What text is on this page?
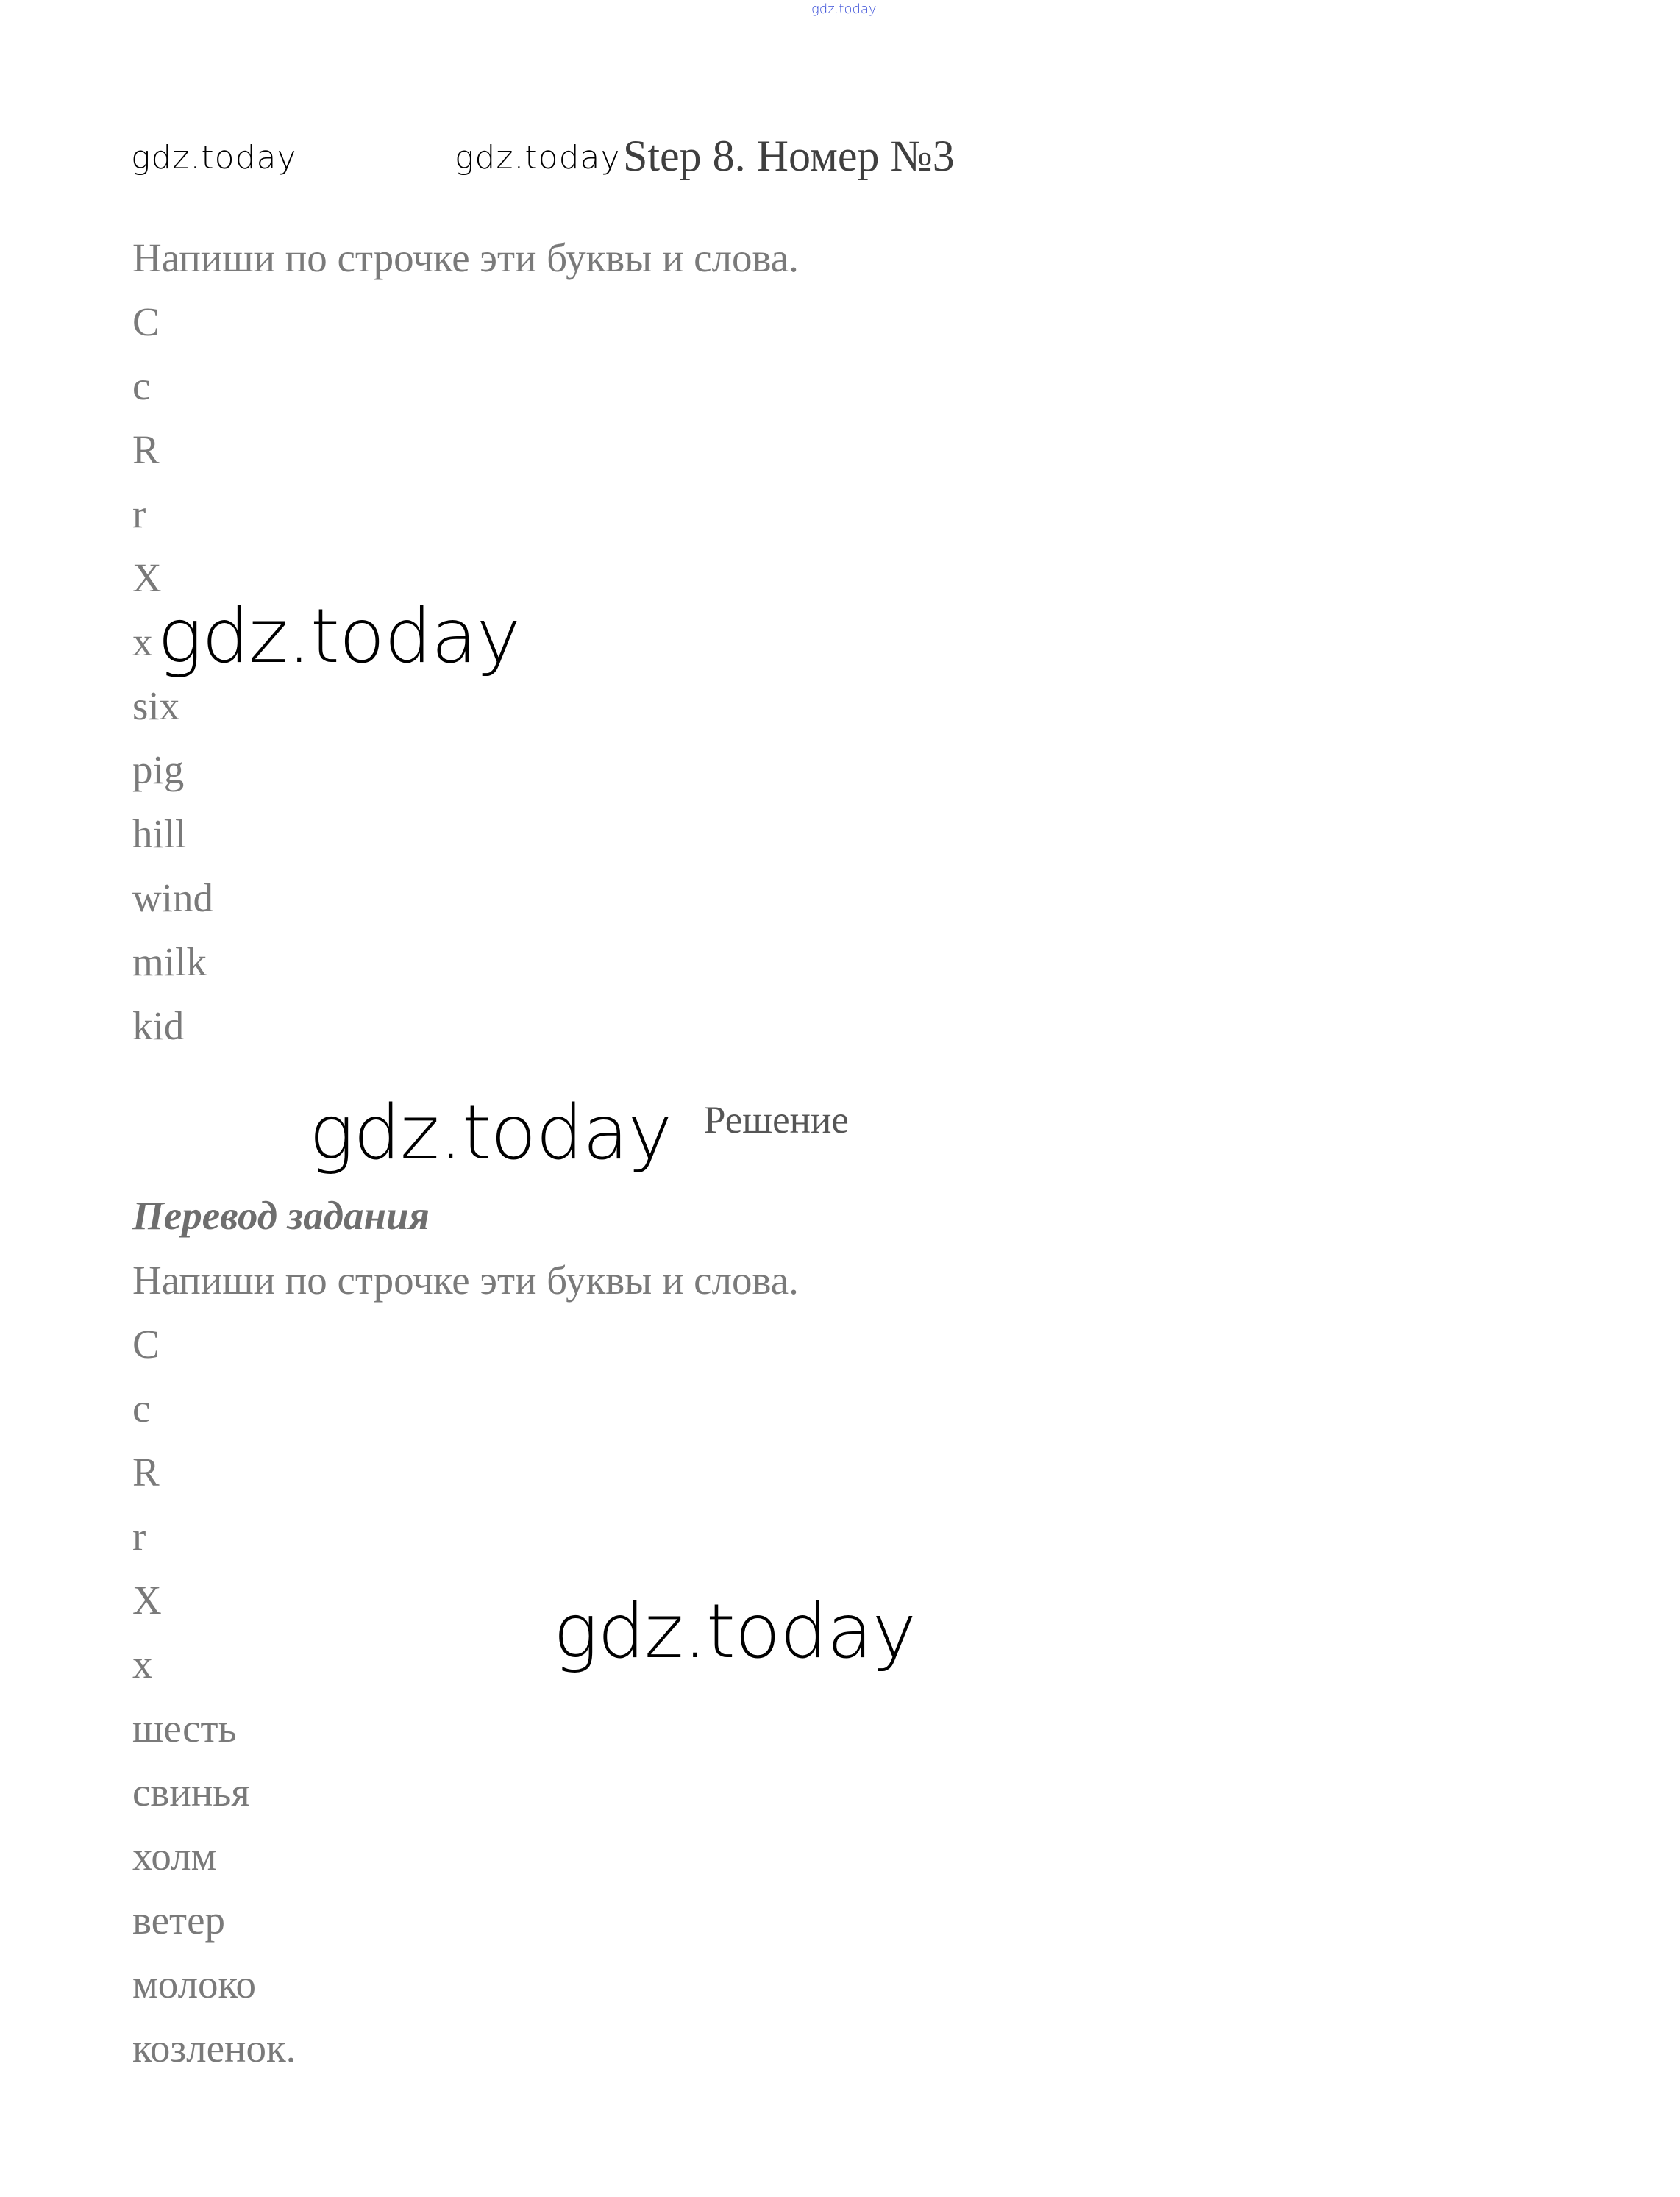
gdz.today
gdz.today	gdz.today Step 8. Номер №3
Напиши по строчке эти буквы и слова.
C
c
R
r
X
x
six
pig
hill
wind
milk
kid
gdz.today
gdz.today Решение
Перевод задания
Напиши по строчке эти буквы и слова.
C
c
R
r
X
x
шесть
свинья
холм
ветер
молоко
козленок.
gdz.today
